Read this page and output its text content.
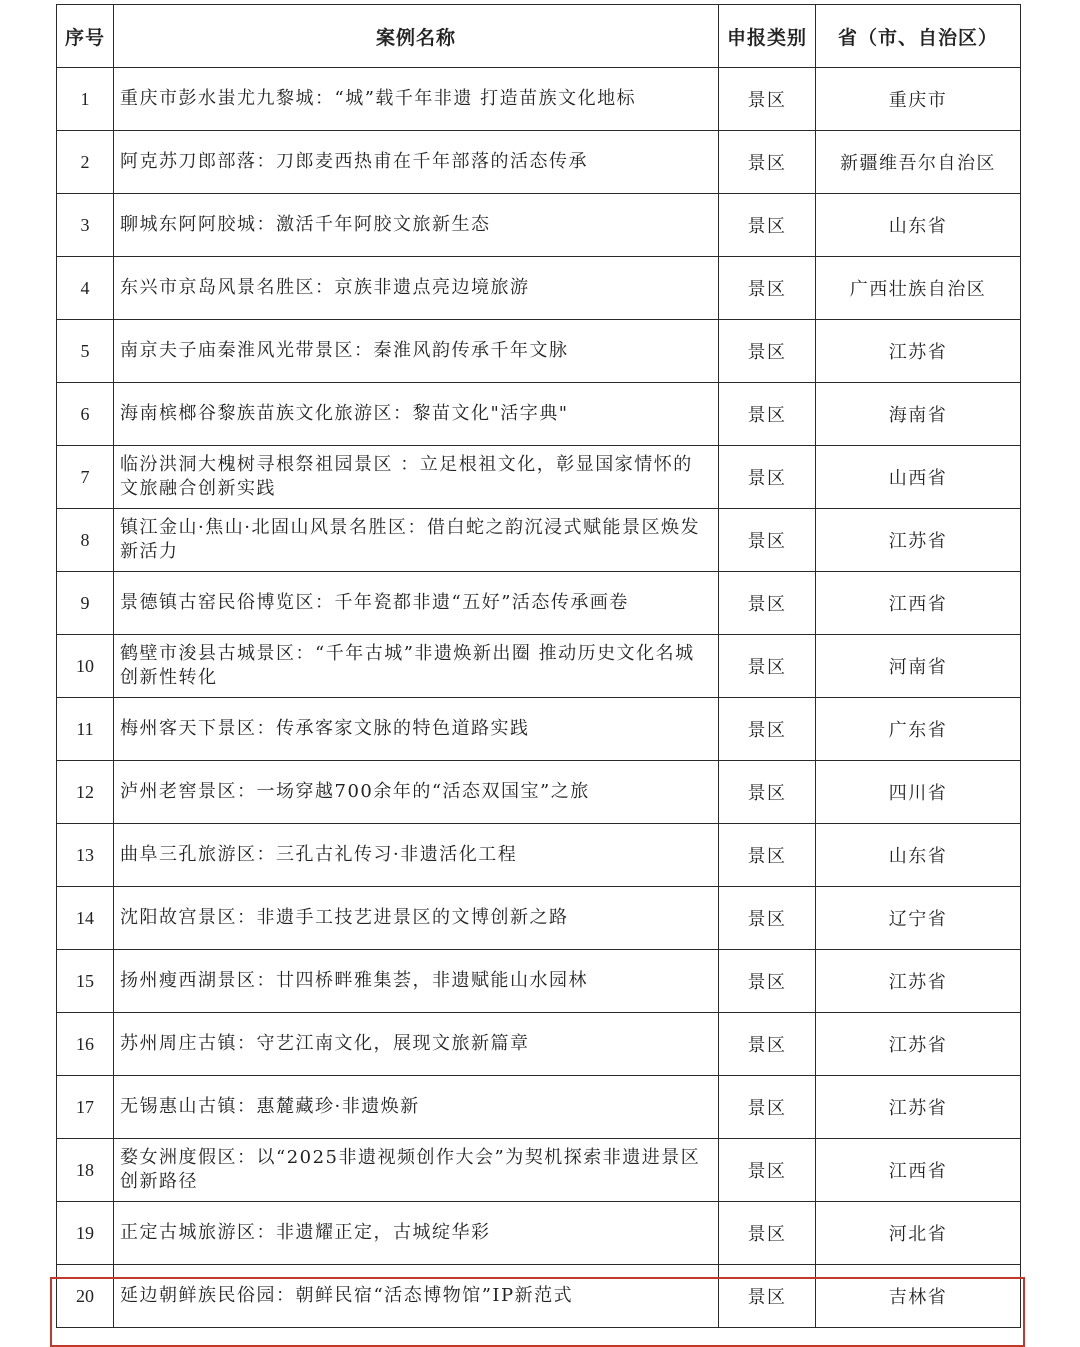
序号	案例名称	申报类别	省（市、自治区）
1	重庆市彭水蚩尤九黎城：“城”载千年非遗 打造苗族文化地标	景区	重庆市
2	阿克苏刀郎部落：刀郎麦西热甫在千年部落的活态传承	景区	新疆维吾尔自治区
3	聊城东阿阿胶城：激活千年阿胶文旅新生态	景区	山东省
4	东兴市京岛风景名胜区：京族非遗点亮边境旅游	景区	广西壮族自治区
5	南京夫子庙秦淮风光带景区：秦淮风韵传承千年文脉	景区	江苏省
6	海南槟榔谷黎族苗族文化旅游区：黎苗文化"活字典"	景区	海南省
7	临汾洪洞大槐树寻根祭祖园景区 ：立足根祖文化，彰显国家情怀的文旅融合创新实践	景区	山西省
8	镇江金山·焦山·北固山风景名胜区：借白蛇之韵沉浸式赋能景区焕发新活力	景区	江苏省
9	景德镇古窑民俗博览区：千年瓷都非遗“五好”活态传承画卷	景区	江西省
10	鹤壁市浚县古城景区：“千年古城”非遗焕新出圈 推动历史文化名城创新性转化	景区	河南省
11	梅州客天下景区：传承客家文脉的特色道路实践	景区	广东省
12	泸州老窖景区：一场穿越700余年的“活态双国宝”之旅	景区	四川省
13	曲阜三孔旅游区：三孔古礼传习·非遗活化工程	景区	山东省
14	沈阳故宫景区：非遗手工技艺进景区的文博创新之路	景区	辽宁省
15	扬州瘦西湖景区：廿四桥畔雅集荟，非遗赋能山水园林	景区	江苏省
16	苏州周庄古镇：守艺江南文化，展现文旅新篇章	景区	江苏省
17	无锡惠山古镇：惠麓藏珍·非遗焕新	景区	江苏省
18	婺女洲度假区：以“2025非遗视频创作大会”为契机探索非遗进景区创新路径	景区	江西省
19	正定古城旅游区：非遗耀正定，古城绽华彩	景区	河北省
20	延边朝鲜族民俗园：朝鲜民宿“活态博物馆”IP新范式	景区	吉林省
